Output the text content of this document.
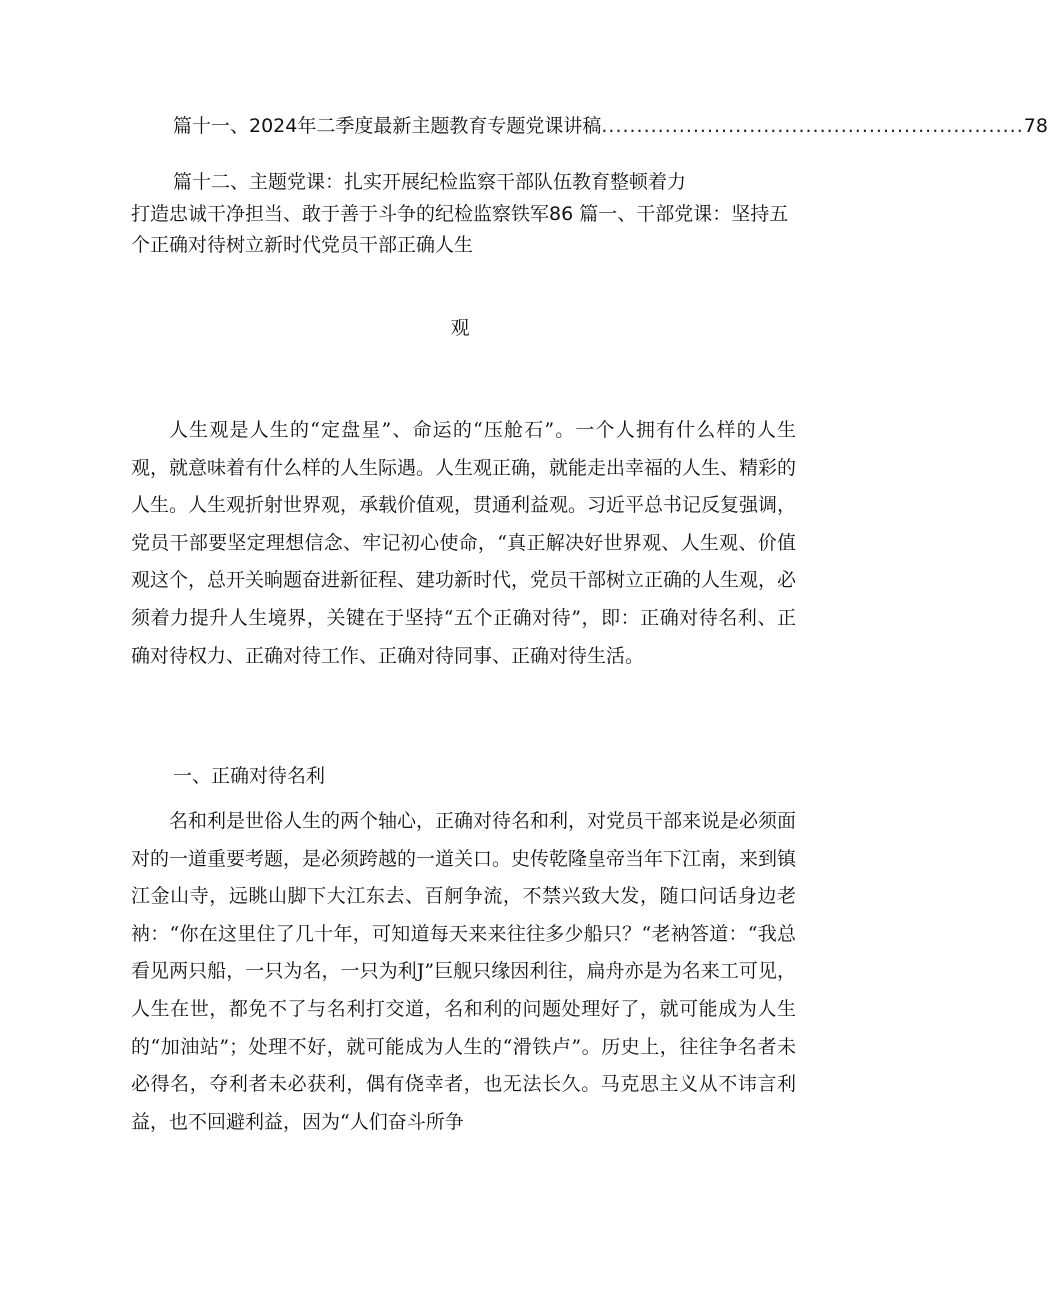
篇十一、2024年二季度最新主题教育专题党课讲稿 ............................................................ 78
篇十二、主题党课：扎实开展纪检监察干部队伍教育整顿着力
打造忠诚干净担当、敢于善于斗争的纪检监察铁军86 篇一、干部党课：坚持五个正确对待树立新时代党员干部正确人生
观

人生观是人生的“定盘星”、命运的“压舱石”。一个人拥有什么样的人生观，就意味着有什么样的人生际遇。人生观正确，就能走出幸福的人生、精彩的人生。人生观折射世界观，承载价值观，贯通利益观。习近平总书记反复强调，党员干部要坚定理想信念、牢记初心使命，“真正解决好世界观、人生观、价值观这个，总开关晌题奋进新征程、建功新时代，党员干部树立正确的人生观，必须着力提升人生境界，关键在于坚持“五个正确对待”，即：正确对待名利、正确对待权力、正确对待工作、正确对待同事、正确对待生活。

一、正确对待名利

名和利是世俗人生的两个轴心，正确对待名和利，对党员干部来说是必须面对的一道重要考题，是必须跨越的一道关口。史传乾隆皇帝当年下江南，来到镇江金山寺，远眺山脚下大江东去、百舸争流，不禁兴致大发，随口问话身边老衲：“你在这里住了几十年，可知道每天来来往往多少船只？“老衲答道：“我总看见两只船，一只为名，一只为利J”巨舰只缘因利往，扁舟亦是为名来工可见，人生在世，都免不了与名利打交道，名和利的问题处理好了，就可能成为人生的“加油站”；处理不好，就可能成为人生的“滑铁卢”。历史上，往往争名者未必得名，夺利者未必获利，偶有侥幸者，也无法长久。马克思主义从不讳言利益，也不回避利益，因为“人们奋斗所争
